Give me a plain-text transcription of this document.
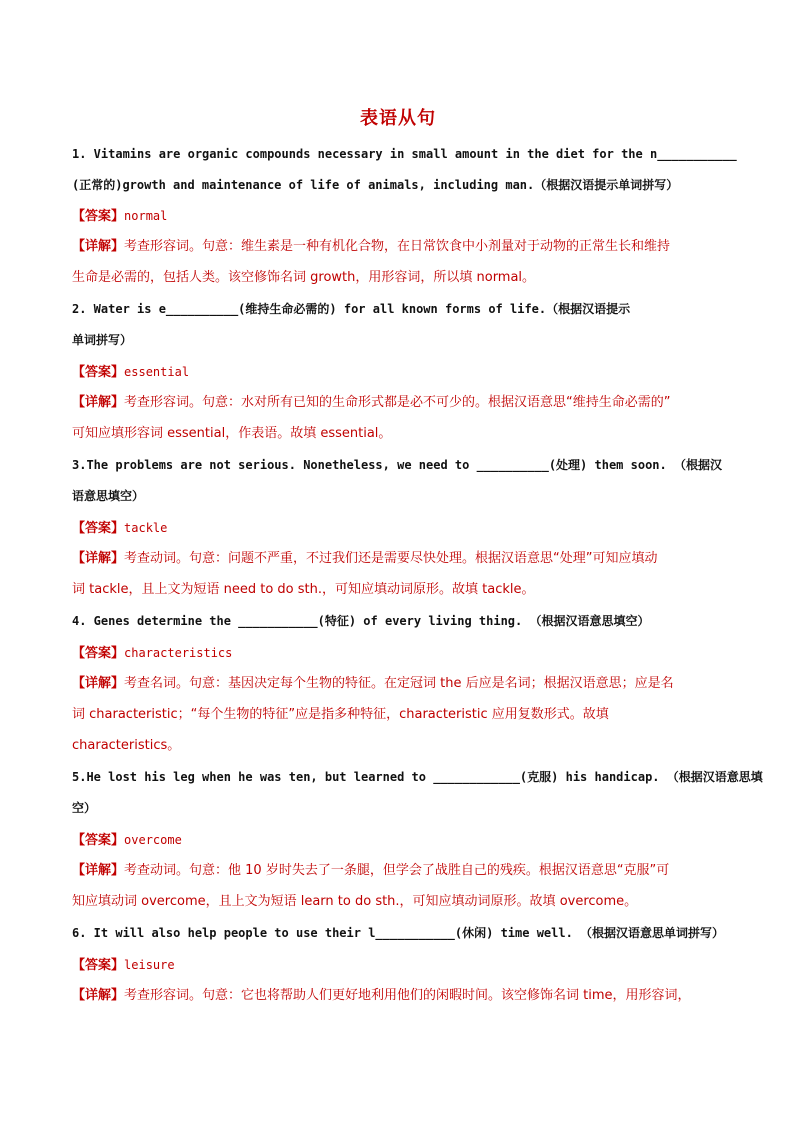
表语从句
1. Vitamins are organic compounds necessary in small amount in the diet for the n___________
(正常的)growth and maintenance of life of animals, including man.（根据汉语提示单词拼写）
【答案】normal
【详解】考查形容词。句意：维生素是一种有机化合物，在日常饮食中小剂量对于动物的正常生长和维持
生命是必需的，包括人类。该空修饰名词 growth，用形容词，所以填 normal。
2. Water is e__________(维持生命必需的) for all known forms of life.（根据汉语提示
单词拼写）
【答案】essential
【详解】考查形容词。句意：水对所有已知的生命形式都是必不可少的。根据汉语意思“维持生命必需的”
可知应填形容词 essential，作表语。故填 essential。
3.The problems are not serious. Nonetheless, we need to __________(处理) them soon. （根据汉
语意思填空）
【答案】tackle
【详解】考查动词。句意：问题不严重，不过我们还是需要尽快处理。根据汉语意思“处理”可知应填动
词 tackle，且上文为短语 need to do sth.，可知应填动词原形。故填 tackle。
4. Genes determine the ___________(特征) of every living thing. （根据汉语意思填空）
【答案】characteristics
【详解】考查名词。句意：基因决定每个生物的特征。在定冠词 the 后应是名词；根据汉语意思；应是名
词 characteristic；“每个生物的特征”应是指多种特征，characteristic 应用复数形式。故填
characteristics。
5.He lost his leg when he was ten, but learned to ____________(克服) his handicap. （根据汉语意思填
空）
【答案】overcome
【详解】考查动词。句意：他 10 岁时失去了一条腿，但学会了战胜自己的残疾。根据汉语意思“克服”可
知应填动词 overcome，且上文为短语 learn to do sth.，可知应填动词原形。故填 overcome。
6. It will also help people to use their l___________(休闲) time well. （根据汉语意思单词拼写）
【答案】leisure
【详解】考查形容词。句意：它也将帮助人们更好地利用他们的闲暇时间。该空修饰名词 time，用形容词，
